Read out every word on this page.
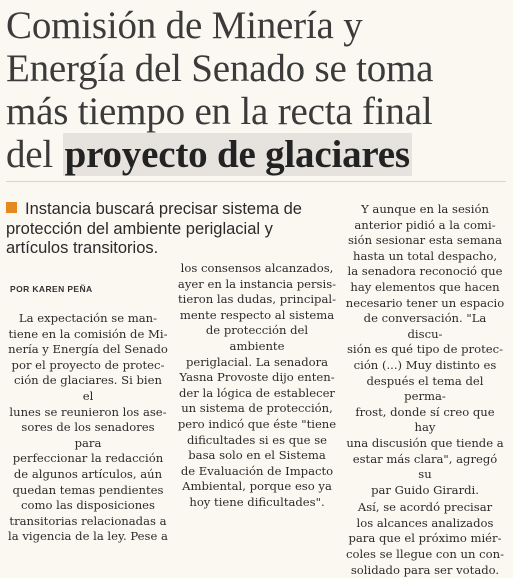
Comisión de Minería y
Energía del Senado se toma
más tiempo en la recta final
del proyecto de glaciares
Instancia buscará precisar sistema de protección del ambiente periglacial y artículos transitorios.
POR KAREN PEÑA

La expectación se man-
tiene en la comisión de Mi-
nería y Energía del Senado
por el proyecto de protec-
ción de glaciares. Si bien el
lunes se reunieron los ase-
sores de los senadores para
perfeccionar la redacción
de algunos artículos, aún
quedan temas pendientes
como las disposiciones
transitorias relacionadas a
la vigencia de la ley. Pese a

los consensos alcanzados,
ayer en la instancia persis-
tieron las dudas, principal-
mente respecto al sistema
de protección del ambiente
periglacial. La senadora
Yasna Provoste dijo enten-
der la lógica de establecer
un sistema de protección,
pero indicó que éste "tiene
dificultades si es que se
basa solo en el Sistema
de Evaluación de Impacto
Ambiental, porque eso ya
hoy tiene dificultades".

Y aunque en la sesión
anterior pidió a la comi-
sión sesionar esta semana
hasta un total despacho,
la senadora reconoció que
hay elementos que hacen
necesario tener un espacio
de conversación. "La discu-
sión es qué tipo de protec-
ción (...) Muy distinto es
después el tema del perma-
frost, donde sí creo que hay
una discusión que tiende a
estar más clara", agregó su
par Guido Girardi.

Así, se acordó precisar
los alcances analizados
para que el próximo miér-
coles se llegue con un con-
solidado para ser votado.
